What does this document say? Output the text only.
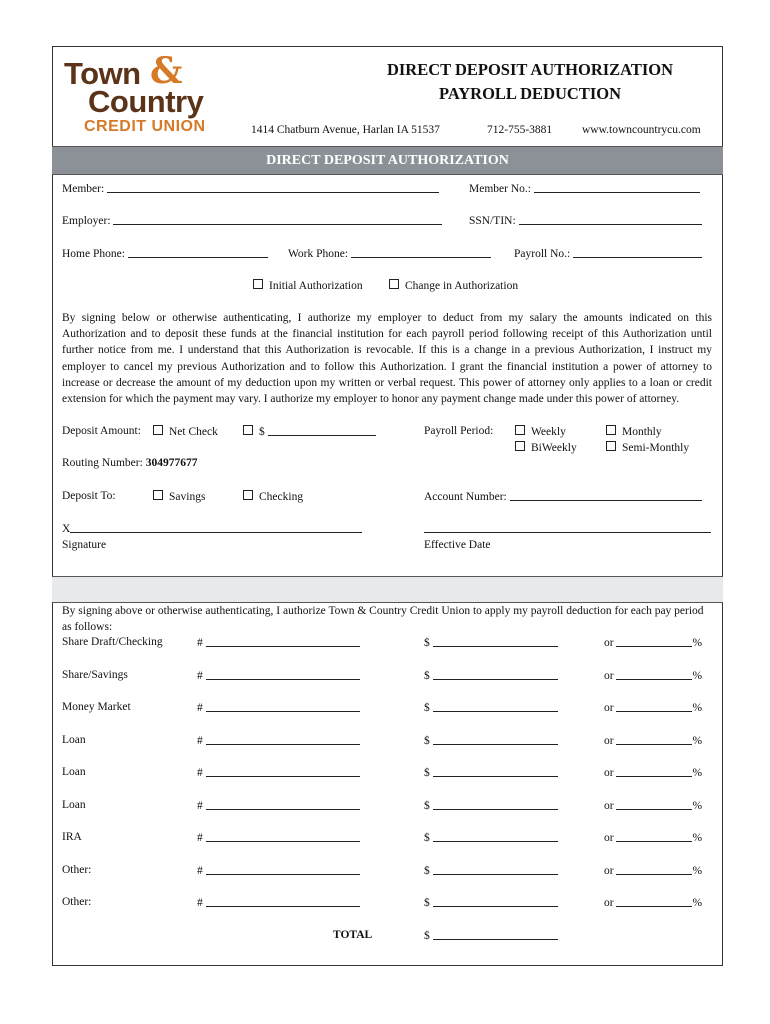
Town &
Country
CREDIT UNION
DIRECT DEPOSIT AUTHORIZATION
PAYROLL DEDUCTION
1414 Chatburn Avenue, Harlan IA 51537	712-755-3881	www.towncountrycu.com
DIRECT DEPOSIT AUTHORIZATION
Member:	Member No.:
Employer:	SSN/TIN:
Home Phone:	Work Phone:	Payroll No.:
Initial Authorization	Change in Authorization
By signing below or otherwise authenticating, I authorize my employer to deduct from my salary the amounts indicated on this Authorization and to deposit these funds at the financial institution for each payroll period following receipt of this Authorization until further notice from me. I understand that this Authorization is revocable. If this is a change in a previous Authorization, I instruct my employer to cancel my previous Authorization and to follow this Authorization. I grant the financial institution a power of attorney to increase or decrease the amount of my deduction upon my written or verbal request. This power of attorney only applies to a loan or credit extension for which the payment may vary. I authorize my employer to honor any payment change made under this power of attorney.
Deposit Amount:	Net Check	$	Payroll Period:	Weekly	Monthly
BiWeekly	Semi-Monthly
Routing Number: 304977677
Deposit To:	Savings	Checking	Account Number:
X
Signature	Effective Date
By signing above or otherwise authenticating, I authorize Town & Country Credit Union to apply my payroll deduction for each pay period as follows:
Share Draft/Checking	#	$	or	%
Share/Savings	#	$	or	%
Money Market	#	$	or	%
Loan	#	$	or	%
Loan	#	$	or	%
Loan	#	$	or	%
IRA	#	$	or	%
Other:	#	$	or	%
Other:	#	$	or	%
TOTAL	$
